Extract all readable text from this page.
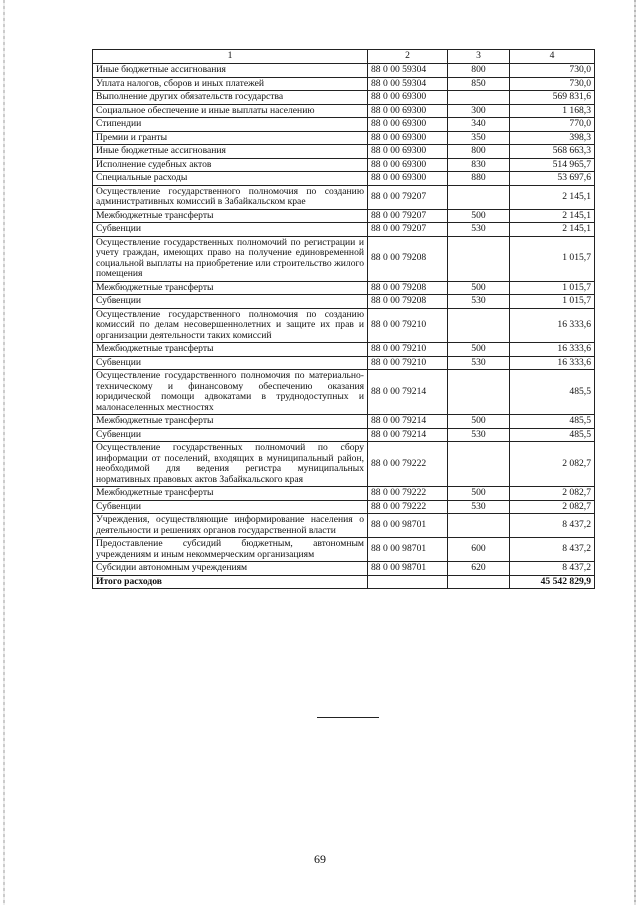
1	2	3	4
Иные бюджетные ассигнования	88 0 00 59304	800	730,0
Уплата налогов, сборов и иных платежей	88 0 00 59304	850	730,0
Выполнение других обязательств государства	88 0 00 69300		569 831,6
Социальное обеспечение и иные выплаты населению	88 0 00 69300	300	1 168,3
Стипендии	88 0 00 69300	340	770,0
Премии и гранты	88 0 00 69300	350	398,3
Иные бюджетные ассигнования	88 0 00 69300	800	568 663,3
Исполнение судебных актов	88 0 00 69300	830	514 965,7
Специальные расходы	88 0 00 69300	880	53 697,6
Осуществление государственного полномочия по созданию административных комиссий в Забайкальском крае	88 0 00 79207		2 145,1
Межбюджетные трансферты	88 0 00 79207	500	2 145,1
Субвенции	88 0 00 79207	530	2 145,1
Осуществление государственных полномочий по регистрации и учету граждан, имеющих право на получение единовременной социальной выплаты на приобретение или строительство жилого помещения	88 0 00 79208		1 015,7
Межбюджетные трансферты	88 0 00 79208	500	1 015,7
Субвенции	88 0 00 79208	530	1 015,7
Осуществление государственного полномочия по созданию комиссий по делам несовершеннолетних и защите их прав и организации деятельности таких комиссий	88 0 00 79210		16 333,6
Межбюджетные трансферты	88 0 00 79210	500	16 333,6
Субвенции	88 0 00 79210	530	16 333,6
Осуществление государственного полномочия по материально-техническому и финансовому обеспечению оказания юридической помощи адвокатами в труднодоступных и малонаселенных местностях	88 0 00 79214		485,5
Межбюджетные трансферты	88 0 00 79214	500	485,5
Субвенции	88 0 00 79214	530	485,5
Осуществление государственных полномочий по сбору информации от поселений, входящих в муниципальный район, необходимой для ведения регистра муниципальных нормативных правовых актов Забайкальского края	88 0 00 79222		2 082,7
Межбюджетные трансферты	88 0 00 79222	500	2 082,7
Субвенции	88 0 00 79222	530	2 082,7
Учреждения, осуществляющие информирование населения о деятельности и решениях органов государственной власти	88 0 00 98701		8 437,2
Предоставление субсидий бюджетным, автономным учреждениям и иным некоммерческим организациям	88 0 00 98701	600	8 437,2
Субсидии автономным учреждениям	88 0 00 98701	620	8 437,2
Итого расходов			45 542 829,9
69
